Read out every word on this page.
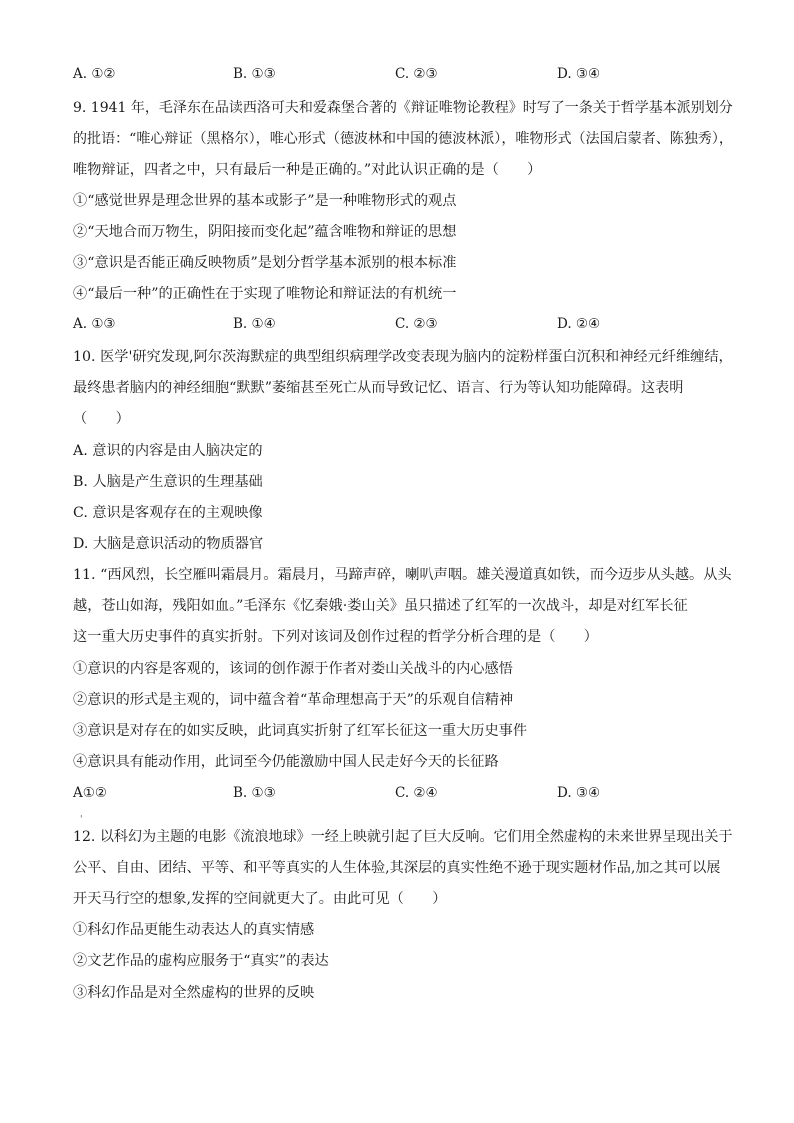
A. ①②	B. ①③	C. ②③	D. ③④
9. 1941 年，毛泽东在品读西洛可夫和爱森堡合著的《辩证唯物论教程》时写了一条关于哲学基本派别划分
的批语：“唯心辩证（黑格尔），唯心形式（德波林和中国的德波林派），唯物形式（法国启蒙者、陈独秀），
唯物辩证，四者之中，只有最后一种是正确的。”对此认识正确的是（　　）
①“感觉世界是理念世界的基本或影子”是一种唯物形式的观点
②“天地合而万物生，阴阳接而变化起”蕴含唯物和辩证的思想
③“意识是否能正确反映物质”是划分哲学基本派别的根本标准
④“最后一种”的正确性在于实现了唯物论和辩证法的有机统一
A. ①③	B. ①④	C. ②③	D. ②④
10. 医学'研究发现,阿尔茨海默症的典型组织病理学改变表现为脑内的淀粉样蛋白沉积和神经元纤维缠结，
最终患者脑内的神经细胞“默默”萎缩甚至死亡从而导致记忆、语言、行为等认知功能障碍。这表明
（　　）
A. 意识的内容是由人脑决定的
B. 人脑是产生意识的生理基础
C. 意识是客观存在的主观映像
D. 大脑是意识活动的物质器官
11. “西风烈，长空雁叫霜晨月。霜晨月，马蹄声碎，喇叭声咽。雄关漫道真如铁，而今迈步从头越。从头
越，苍山如海，残阳如血。”毛泽东《忆秦娥·娄山关》虽只描述了红军的一次战斗，却是对红军长征
这一重大历史事件的真实折射。下列对该词及创作过程的哲学分析合理的是（　　）
①意识的内容是客观的，该词的创作源于作者对娄山关战斗的内心感悟
②意识的形式是主观的，词中蕴含着“革命理想高于天”的乐观自信精神
③意识是对存在的如实反映，此词真实折射了红军长征这一重大历史事件
④意识具有能动作用，此词至今仍能激励中国人民走好今天的长征路
A①②	B. ①③	C. ②④	D. ③④
'
12. 以科幻为主题的电影《流浪地球》一经上映就引起了巨大反响。它们用全然虚构的未来世界呈现出关于
公平、自由、团结、平等、和平等真实的人生体验,其深层的真实性绝不逊于现实题材作品,加之其可以展
开天马行空的想象,发挥的空间就更大了。由此可见（　　）
①科幻作品更能生动表达人的真实情感
②文艺作品的虚构应服务于“真实”的表达
③科幻作品是对全然虚构的世界的反映
